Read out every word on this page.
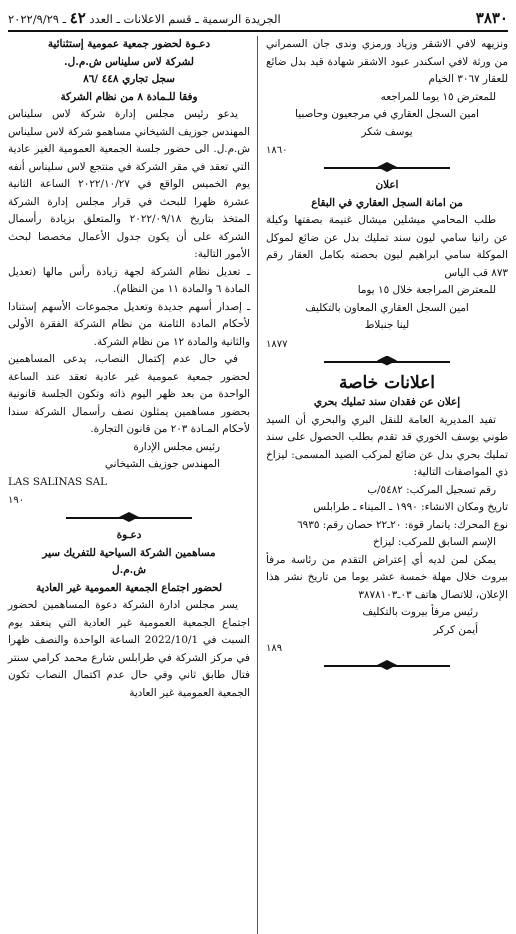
٣٨٣٠
الجريدة الرسمية ـ قسم الاعلانات ـ العدد ٤٢ ـ ٢٠٢٢/٩/٢٩

ونزيهه لافي الاشقر وزياد ورمزي وندى جان السمراني من ورثة لافي اسكندر عبود الاشقر شهادة قيد بدل ضائع للعقار ٣٠٦٧ الخيام

للمعترض ١٥ يوما للمراجعه

امين السجل العقاري في مرجعيون وحاصبيا

يوسف شكر

١٨٦٠

اعلان

من امانة السجل العقاري في البقاع

طلب المحامي ميشلين ميشال غنيمة بصفتها وكيلة عن رانيا سامي ليون سند تمليك بدل عن ضائع لموكل الموكلة سامي ابراهيم ليون بحصته بكامل العقار رقم ٨٧٣ قب الياس

للمعترض المراجعة خلال ١٥ يوما

امين السجل العقاري المعاون بالتكليف

لينا جنبلاط

١٨٧٧

اعلانات خاصة

إعلان عن فقدان سند تمليك بحري

تفيد المديرية العامة للنقل البري والبحري أن السيد طوني يوسف الخوري قد تقدم بطلب الحصول على سند تمليك بحري بدل عن ضائع لمركب الصيد المسمى: ليزاخ ذي المواصفات التالية:

رقم تسجيل المركب: ٥٤٨٢/ب

تاريخ ومكان الانشاء: ١٩٩٠ ـ الميناء ـ طرابلس

نوع المحرك: يانمار قوة: ٢٠ـ٢٢ حصان رقم: ٦٩٣٥

الإسم السابق للمركب: ليزاخ

يمكن لمن لديه أي إعتراض التقدم من رئاسة مرفأ بيروت خلال مهلة خمسة عشر يوما من تاريخ نشر هذا الإعلان، للاتصال هاتف ٠٣ـ٣٨٧٨١٠٣

رئيس مرفأ بيروت بالتكليف

أيمن كركر

١٨٩

دعـوة لحضور جمعية عمومية إستثنائية

لشركة لاس سليناس ش.م.ل.

سجل تجاري ٤٤٨ /٨٦

وفقا للـمادة ٨ من نظام الشركة

يدعو رئيس مجلس إدارة شركة لاس سليناس المهندس جوزيف الشيخاني مساهمو شركة لاس سليناس ش.م.ل. الى حضور جلسة الجمعية العمومية الغير عادية التي تعقد في مقر الشركة في منتجع لاس سليناس أنفه يوم الخميس الواقع في ٢٠٢٢/١٠/٢٧ الساعة الثانية عشرة ظهرا للبحث في قرار مجلس إدارة الشركة المتخذ بتاريخ ٢٠٢٢/٠٩/١٨ والمتعلق بزيادة رأسمال الشركة على أن يكون جدول الأعمال مخصصا لبحث الأمور التالية:

ـ تعديل نظام الشركة لجهة زيادة رأس مالها (تعديل المادة ٦ والمادة ١١ من النظام).

ـ إصدار أسهم جديدة وتعديل مجموعات الأسهم إستنادا لأحكام المادة الثامنة من نظام الشركة الفقرة الأولى والثانية والمادة ١٢ من نظام الشركة.

في حال عدم إكتمال النصاب، يدعى المساهمين لحضور جمعية عمومية غير عادية تعقد عند الساعة الواحدة من بعد ظهر اليوم ذاته وتكون الجلسة قانونية بحضور مساهمين يمثلون نصف رأسمال الشركة سندا لأحكام المـادة ٢٠٣ من قانون التجارة.

رئيس مجلس الإدارة

المهندس جوزيف الشيخاني

LAS SALINAS SAL

١٩٠

دعـوة

مساهمين الشركة السياحية للتفريك سير

ش.م.ل

لحضور اجتماع الجمعية العمومية غير العادية

يسر مجلس ادارة الشركة دعوة المساهمين لحضور اجتماع الجمعية العمومية غير العادية التي ينعقد يوم السبت في 2022/10/1 الساعة الواحدة والنصف ظهرا في مركز الشركة في طرابلس شارع محمد كرامي سنتر فتال طابق ثاني وفي حال عدم اكتمال النصاب تكون الجمعية العمومية غير العادية
